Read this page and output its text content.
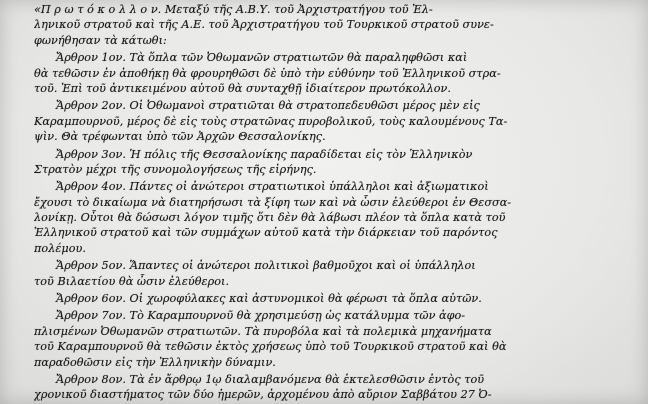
«Π ρ ω τ ό κ ο λ λ ο ν. Μεταξύ τῆς Α.Β.Υ. τοῦ Ἀρχιστρατήγου τοῦ Ἑλ-
ληνικοῦ στρατοῦ καὶ τῆς Α.Ε. τοῦ Ἀρχιστρατήγου τοῦ Τουρκικοῦ στρατοῦ συνε-
φωνήθησαν τὰ κάτωθι:
Ἄρθρον 1ον. Τὰ ὅπλα τῶν Ὀθωμανῶν στρατιωτῶν θὰ παραληφθῶσι καὶ
θὰ τεθῶσιν ἐν ἀποθήκῃ θὰ φρουρηθῶσι δὲ ὑπὸ τὴν εὐθύνην τοῦ Ἑλληνικοῦ στρα-
τοῦ. Ἐπὶ τοῦ ἀντικειμένου αὐτοῦ θὰ συνταχθῇ ἰδιαίτερον πρωτόκολλον.
Ἄρθρον 2ον. Οἱ Ὀθωμανοὶ στρατιῶται θὰ στρατοπεδευθῶσι μέρος μὲν εἰς
Καραμπουρνοῦ, μέρος δὲ εἰς τοὺς στρατῶνας πυροβολικοῦ, τοὺς καλουμένους Τα-
ψὶν. Θὰ τρέφωνται ὑπὸ τῶν Ἀρχῶν Θεσσαλονίκης.
Ἄρθρον 3ον. Ἡ πόλις τῆς Θεσσαλονίκης παραδίδεται εἰς τὸν Ἑλληνικὸν
Στρατὸν μέχρι τῆς συνομολογήσεως τῆς εἰρήνης.
Ἄρθρον 4ον. Πάντες οἱ ἀνώτεροι στρατιωτικοὶ ὑπάλληλοι καὶ ἀξιωματικοὶ
ἔχουσι τὸ δικαίωμα νὰ διατηρήσωσι τὰ ξίφη των καὶ νὰ ὦσιν ἐλεύθεροι ἐν Θεσσα-
λονίκῃ. Οὗτοι θὰ δώσωσι λόγον τιμῆς ὅτι δὲν θὰ λάβωσι πλέον τὰ ὅπλα κατὰ τοῦ
Ἑλληνικοῦ στρατοῦ καὶ τῶν συμμάχων αὐτοῦ κατὰ τὴν διάρκειαν τοῦ παρόντος
πολέμου.
Ἄρθρον 5ον. Ἅπαντες οἱ ἀνώτεροι πολιτικοὶ βαθμοῦχοι καὶ οἱ ὑπάλληλοι
τοῦ Βιλαετίου θὰ ὦσιν ἐλεύθεροι.
Ἄρθρον 6ον. Οἱ χωροφύλακες καὶ ἀστυνομικοὶ θὰ φέρωσι τὰ ὅπλα αὐτῶν.
Ἄρθρον 7ον. Τὸ Καραμπουρνοῦ θὰ χρησιμεύσῃ ὡς κατάλυμμα τῶν ἀφο-
πλισμένων Ὀθωμανῶν στρατιωτῶν. Τὰ πυροβόλα καὶ τὰ πολεμικὰ μηχανήματα
τοῦ Καραμπουρνοῦ θὰ τεθῶσιν ἐκτὸς χρήσεως ὑπὸ τοῦ Τουρκικοῦ στρατοῦ καὶ θὰ
παραδοθῶσιν εἰς τὴν Ἑλληνικὴν δύναμιν.
Ἄρθρον 8ον. Τὰ ἐν ἄρθρῳ 1ῳ διαλαμβανόμενα θὰ ἐκτελεσθῶσιν ἐντὸς τοῦ
χρονικοῦ διαστήματος τῶν δύο ἡμερῶν, ἀρχομένου ἀπὸ αὔριον Σαββάτου 27 Ὀ-
